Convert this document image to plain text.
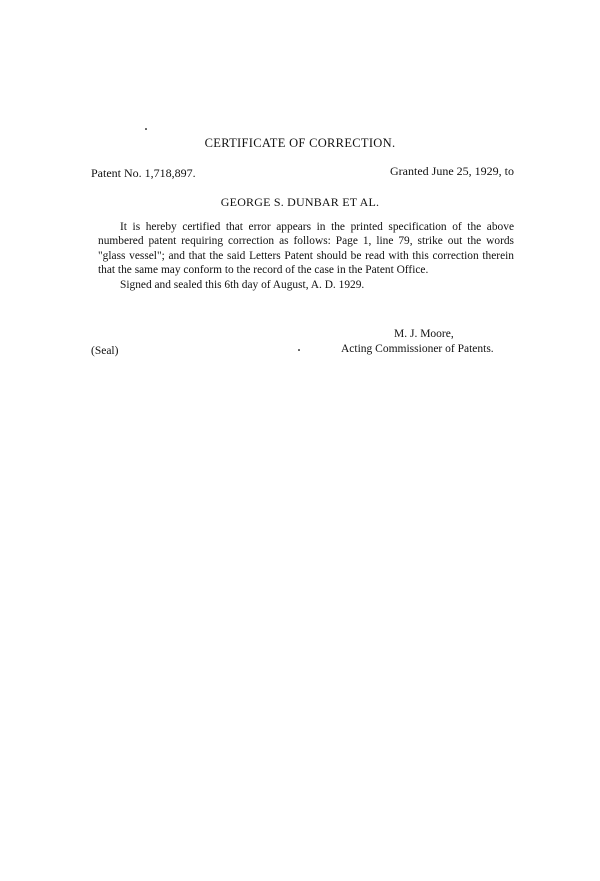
CERTIFICATE OF CORRECTION.
Patent No. 1,718,897.	Granted June 25, 1929, to
GEORGE S. DUNBAR ET AL.

It is hereby certified that error appears in the printed specification of the above numbered patent requiring correction as follows: Page 1, line 79, strike out the words "glass vessel"; and that the said Letters Patent should be read with this correction therein that the same may conform to the record of the case in the Patent Office.

Signed and sealed this 6th day of August, A. D. 1929.

M. J. Moore,
Acting Commissioner of Patents.
(Seal)
